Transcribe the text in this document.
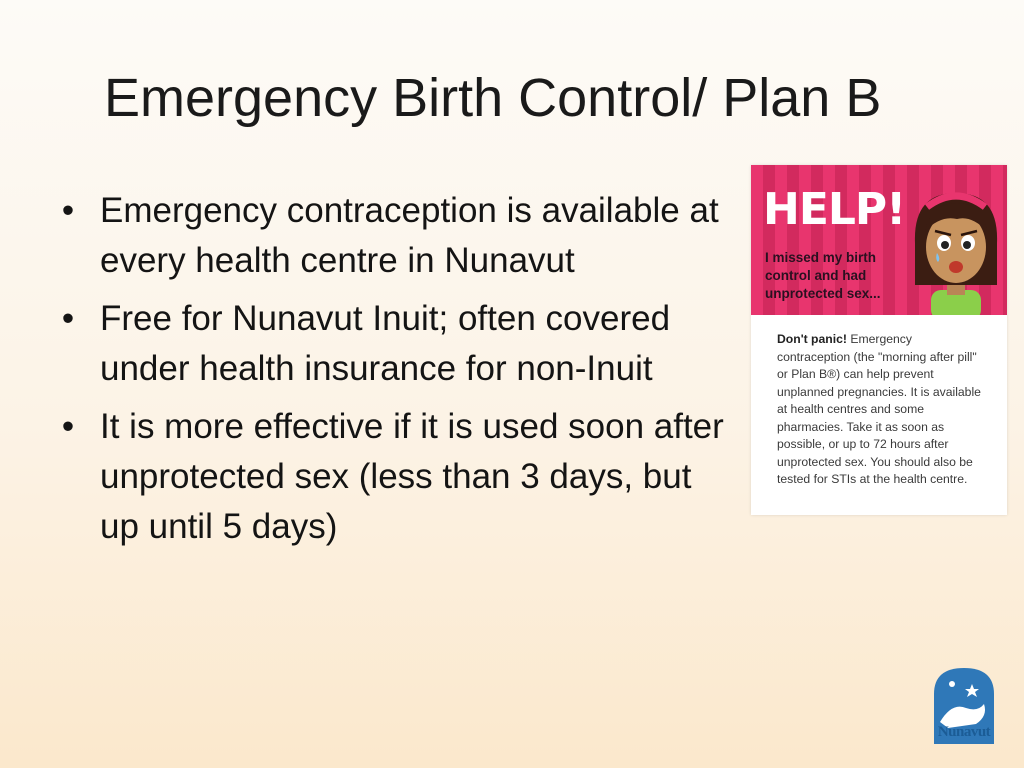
Emergency Birth Control/ Plan B
• Emergency contraception is available at every health centre in Nunavut
• Free for Nunavut Inuit; often covered under health insurance for non-Inuit
• It is more effective if it is used soon after unprotected sex (less than 3 days, but up until 5 days)
HELP!
I missed my birth control and had unprotected sex...
Don't panic! Emergency contraception (the "morning after pill" or Plan B®) can help prevent unplanned pregnancies. It is available at health centres and some pharmacies. Take it as soon as possible, or up to 72 hours after unprotected sex. You should also be tested for STIs at the health centre.
Nunavut
